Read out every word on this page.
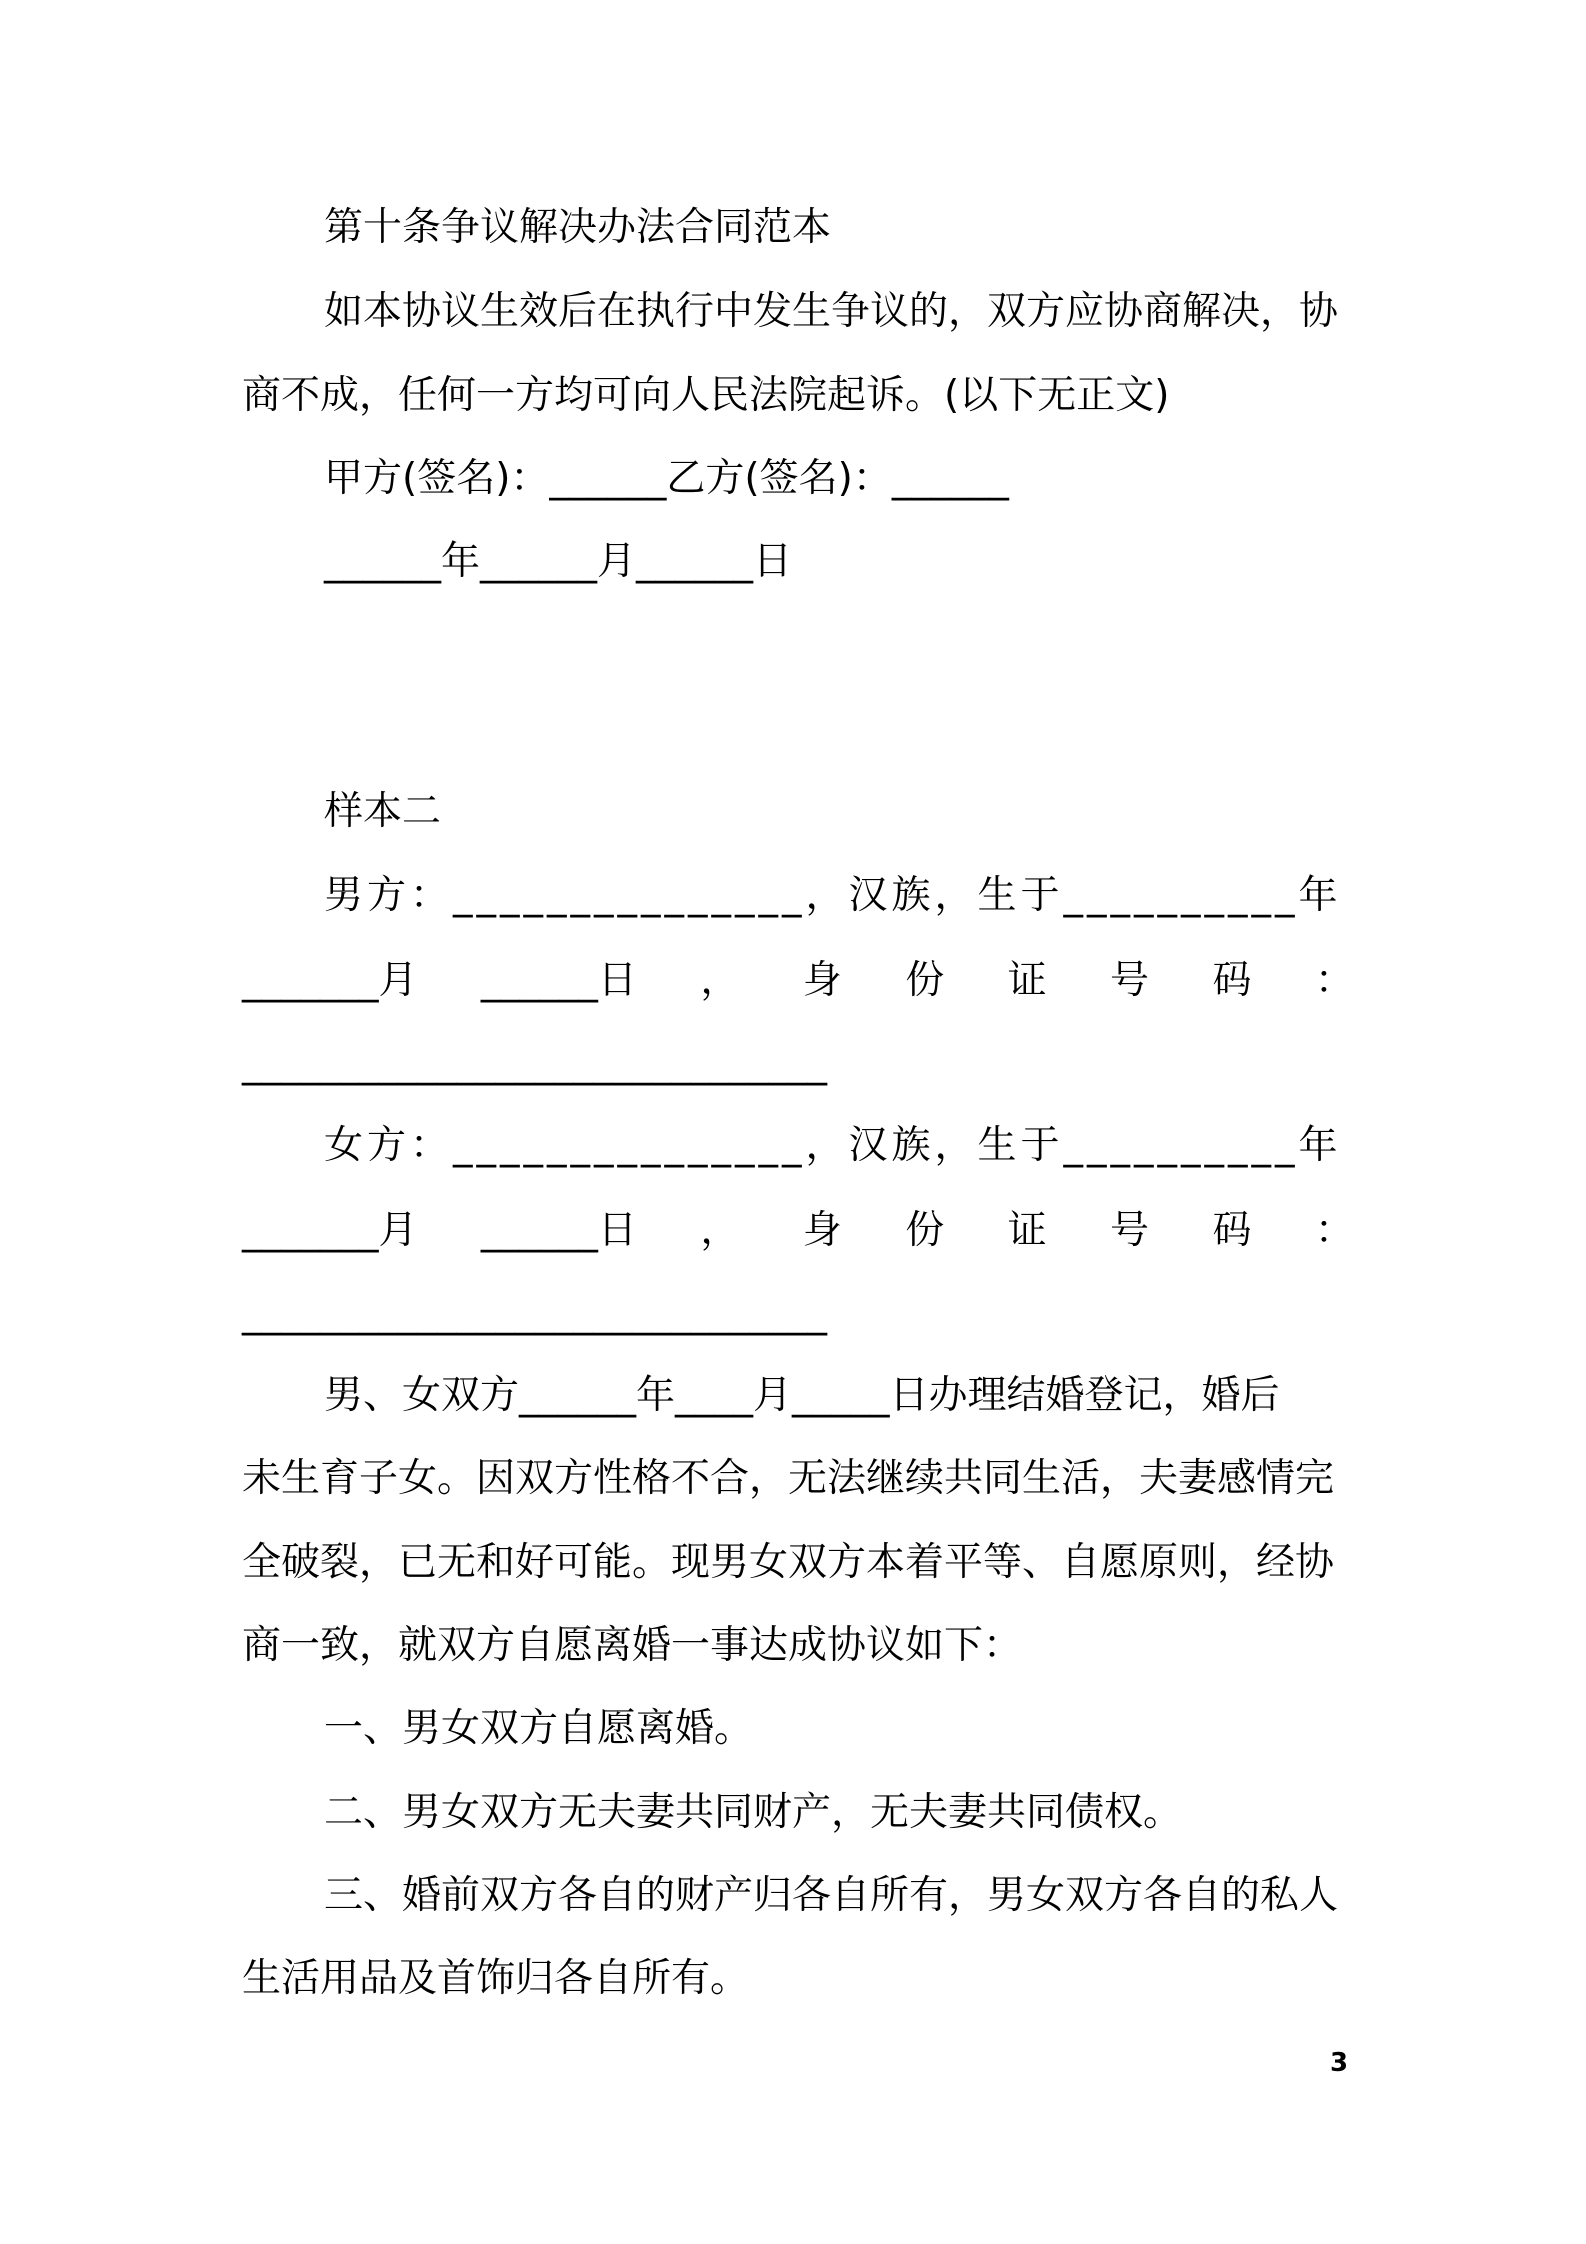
第十条争议解决办法合同范本
如本协议生效后在执行中发生争议的，双方应协商解决，协
商不成，任何一方均可向人民法院起诉。(以下无正文)
甲方(签名)：______乙方(签名)：______
______年______月______日
样本二
男方：_______________，汉族，生于__________年
_______月 ______日 ， 身 份 证 号 码 ：
______________________________
女方：_______________，汉族，生于__________年
_______月 ______日 ， 身 份 证 号 码 ：
______________________________
男、女双方______年____月_____日办理结婚登记，婚后
未生育子女。因双方性格不合，无法继续共同生活，夫妻感情完
全破裂，已无和好可能。现男女双方本着平等、自愿原则，经协
商一致，就双方自愿离婚一事达成协议如下：
一、男女双方自愿离婚。
二、男女双方无夫妻共同财产，无夫妻共同债权。
三、婚前双方各自的财产归各自所有，男女双方各自的私人
生活用品及首饰归各自所有。
3
